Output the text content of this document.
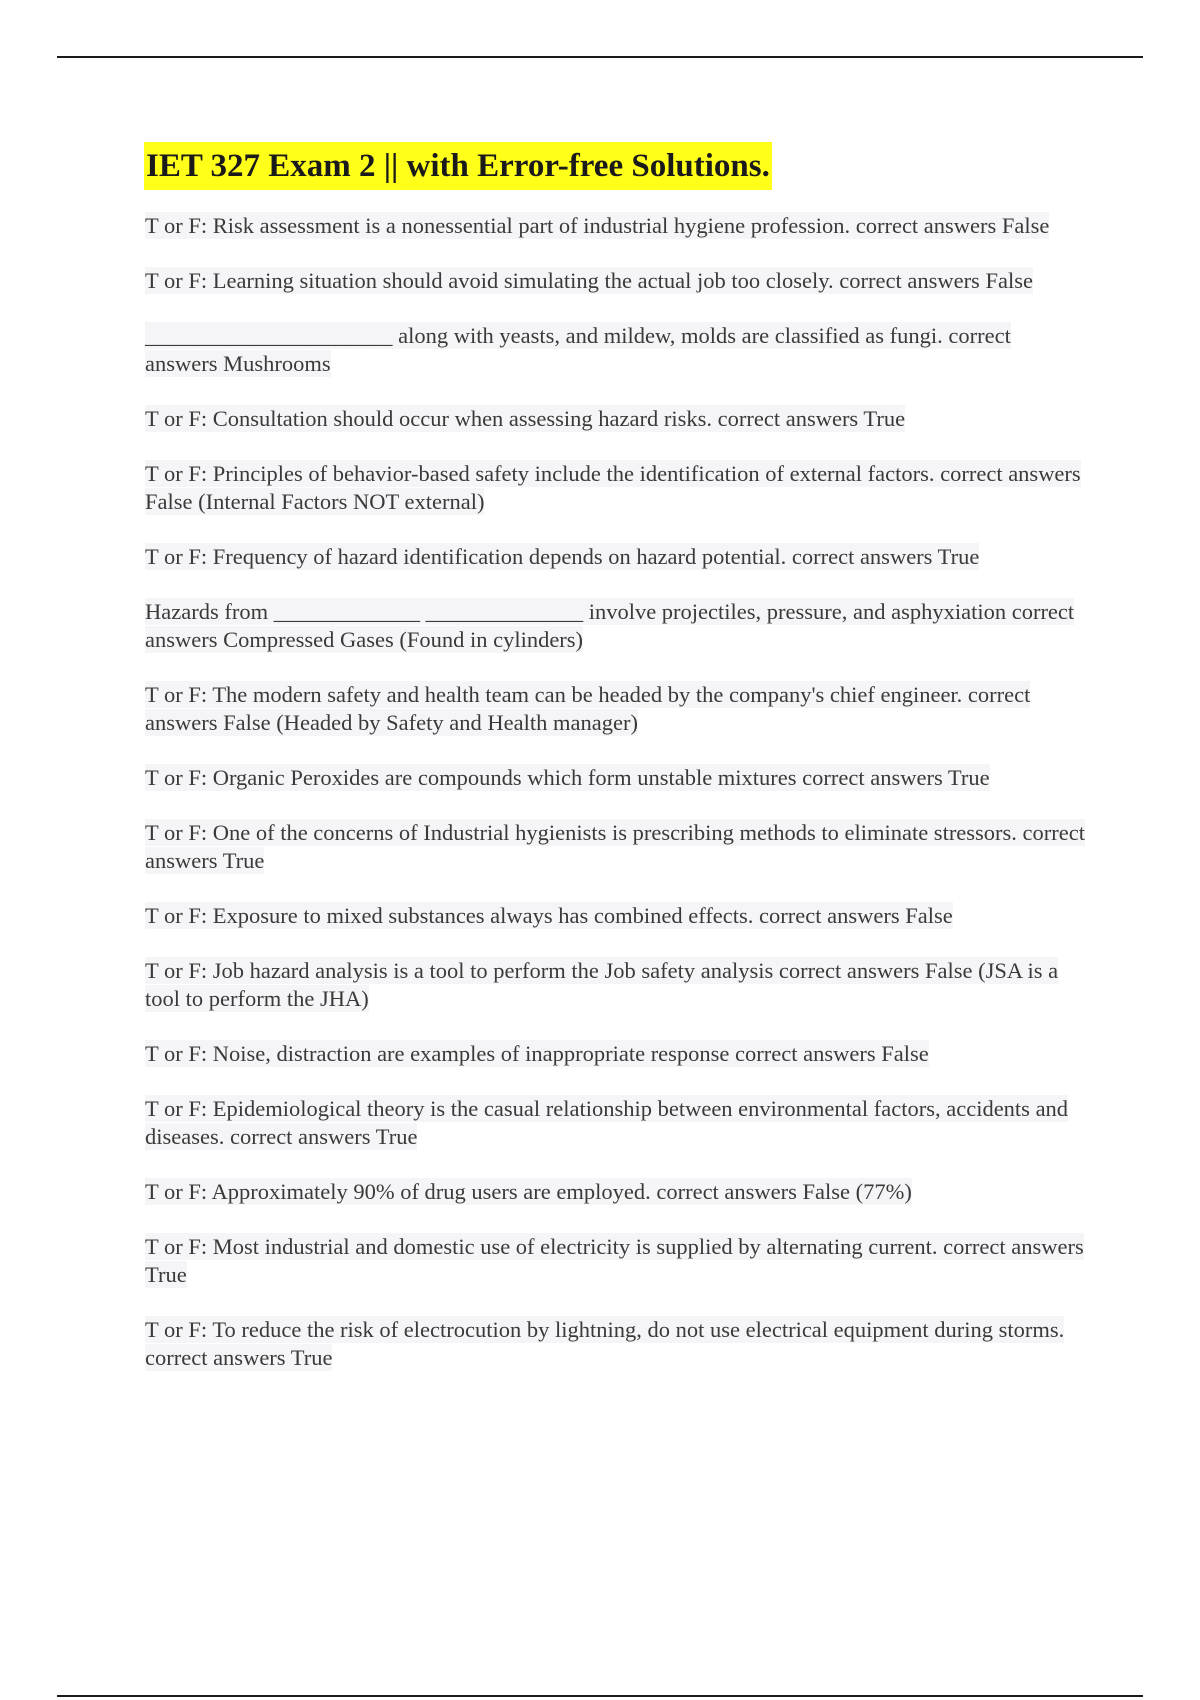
IET 327 Exam 2 || with Error-free Solutions.
T or F: Risk assessment is a nonessential part of industrial hygiene profession. correct answers False
T or F: Learning situation should avoid simulating the actual job too closely. correct answers False
______________________ along with yeasts, and mildew, molds are classified as fungi. correct answers Mushrooms
T or F: Consultation should occur when assessing hazard risks. correct answers True
T or F: Principles of behavior-based safety include the identification of external factors. correct answers False (Internal Factors NOT external)
T or F: Frequency of hazard identification depends on hazard potential. correct answers True
Hazards from _____________ ______________ involve projectiles, pressure, and asphyxiation correct answers Compressed Gases (Found in cylinders)
T or F: The modern safety and health team can be headed by the company's chief engineer. correct answers False (Headed by Safety and Health manager)
T or F: Organic Peroxides are compounds which form unstable mixtures correct answers True
T or F: One of the concerns of Industrial hygienists is prescribing methods to eliminate stressors. correct answers True
T or F: Exposure to mixed substances always has combined effects. correct answers False
T or F: Job hazard analysis is a tool to perform the Job safety analysis correct answers False (JSA is a tool to perform the JHA)
T or F: Noise, distraction are examples of inappropriate response correct answers False
T or F: Epidemiological theory is the casual relationship between environmental factors, accidents and diseases. correct answers True
T or F: Approximately 90% of drug users are employed. correct answers False (77%)
T or F: Most industrial and domestic use of electricity is supplied by alternating current. correct answers True
T or F: To reduce the risk of electrocution by lightning, do not use electrical equipment during storms. correct answers True
